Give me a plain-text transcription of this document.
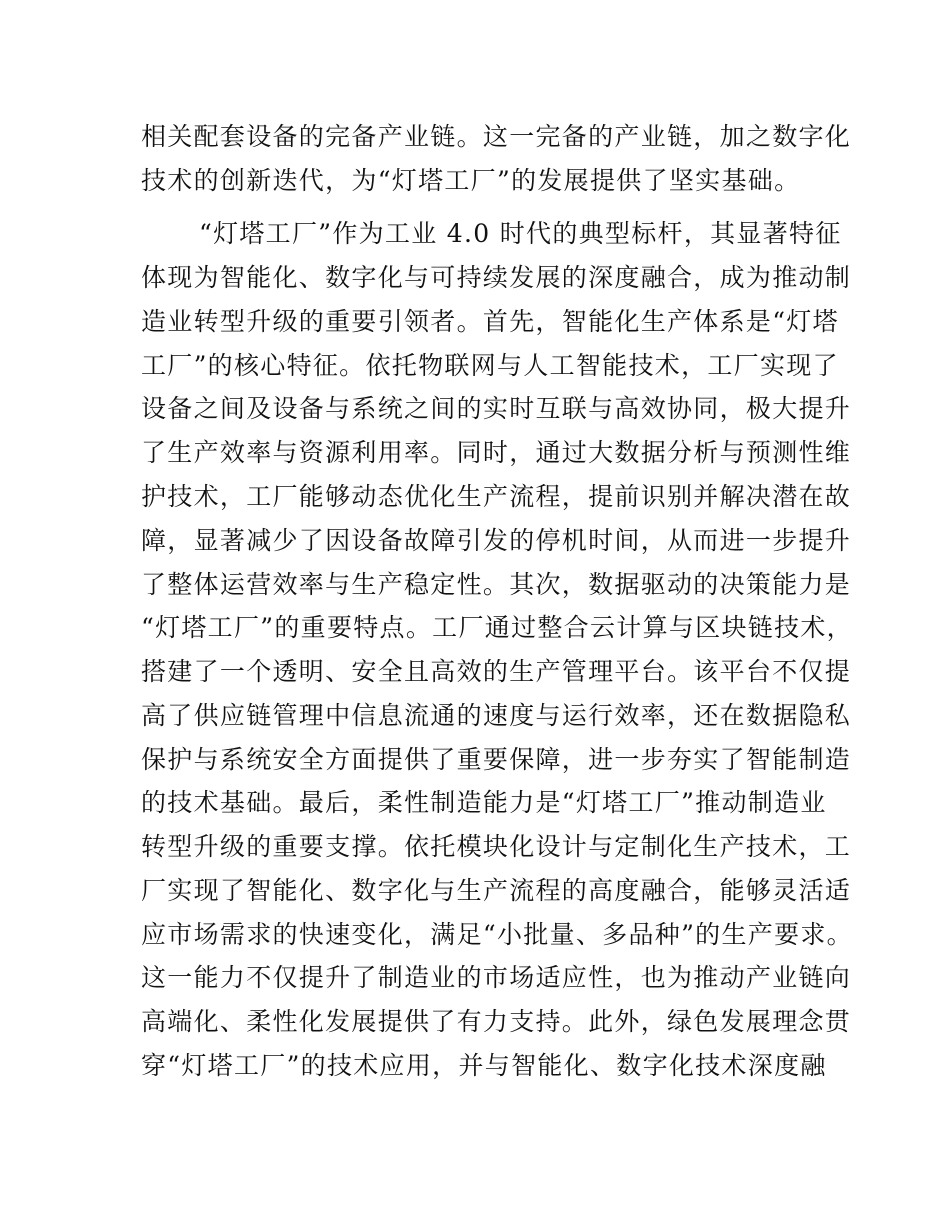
相关配套设备的完备产业链。这一完备的产业链，加之数字化

技术的创新迭代，为“灯塔工厂”的发展提供了坚实基础。

“灯塔工厂”作为工业 4.0 时代的典型标杆，其显著特征

体现为智能化、数字化与可持续发展的深度融合，成为推动制

造业转型升级的重要引领者。首先，智能化生产体系是“灯塔

工厂”的核心特征。依托物联网与人工智能技术，工厂实现了

设备之间及设备与系统之间的实时互联与高效协同，极大提升

了生产效率与资源利用率。同时，通过大数据分析与预测性维

护技术，工厂能够动态优化生产流程，提前识别并解决潜在故

障，显著减少了因设备故障引发的停机时间，从而进一步提升

了整体运营效率与生产稳定性。其次，数据驱动的决策能力是

“灯塔工厂”的重要特点。工厂通过整合云计算与区块链技术，

搭建了一个透明、安全且高效的生产管理平台。该平台不仅提

高了供应链管理中信息流通的速度与运行效率，还在数据隐私

保护与系统安全方面提供了重要保障，进一步夯实了智能制造

的技术基础。最后，柔性制造能力是“灯塔工厂”推动制造业

转型升级的重要支撑。依托模块化设计与定制化生产技术，工

厂实现了智能化、数字化与生产流程的高度融合，能够灵活适

应市场需求的快速变化，满足“小批量、多品种”的生产要求。

这一能力不仅提升了制造业的市场适应性，也为推动产业链向

高端化、柔性化发展提供了有力支持。此外，绿色发展理念贯

穿“灯塔工厂”的技术应用，并与智能化、数字化技术深度融
